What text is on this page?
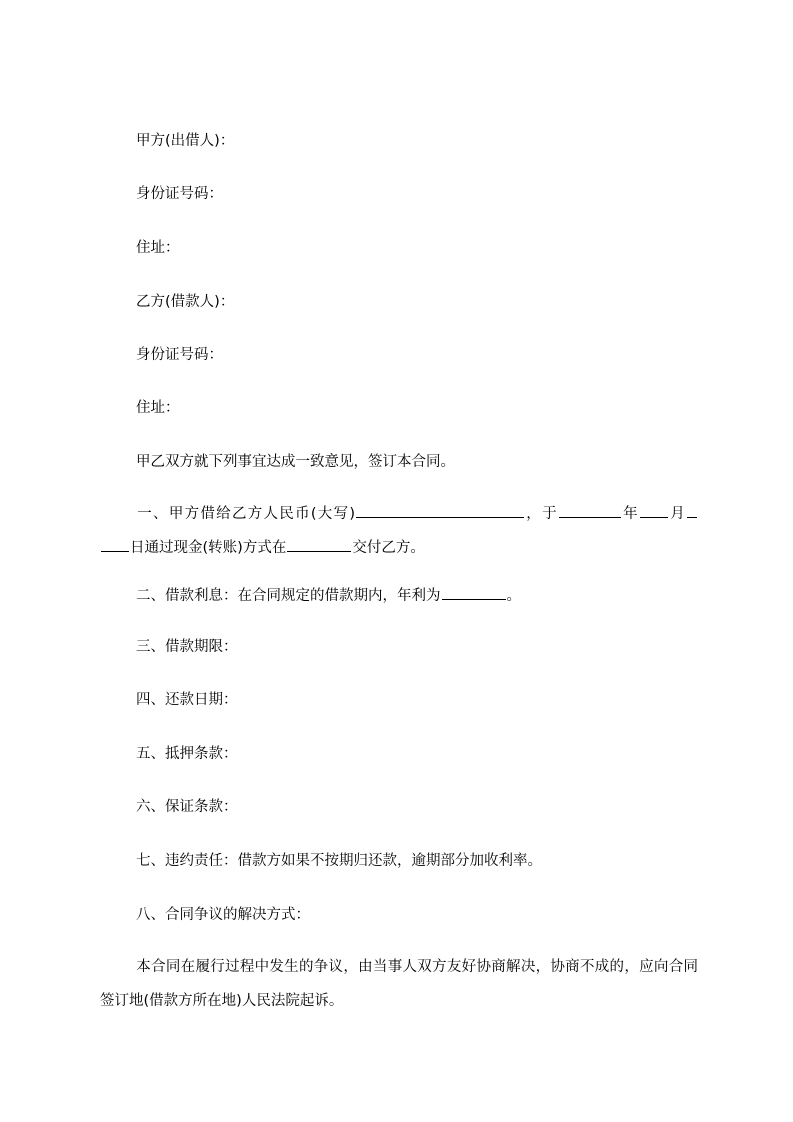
甲方(出借人)：
身份证号码：
住址：
乙方(借款人)：
身份证号码：
住址：
甲乙双方就下列事宜达成一致意见，签订本合同。
一、甲方借给乙方人民币(大写)	，于	年 月日通过现金(转账)方式在	交付乙方。
二、借款利息：在合同规定的借款期内，年利为	。
三、借款期限：
四、还款日期：
五、抵押条款：
六、保证条款：
七、违约责任：借款方如果不按期归还款，逾期部分加收利率。
八、合同争议的解决方式：
本合同在履行过程中发生的争议，由当事人双方友好协商解决，协商不成的，应向合同签订地(借款方所在地)人民法院起诉。
